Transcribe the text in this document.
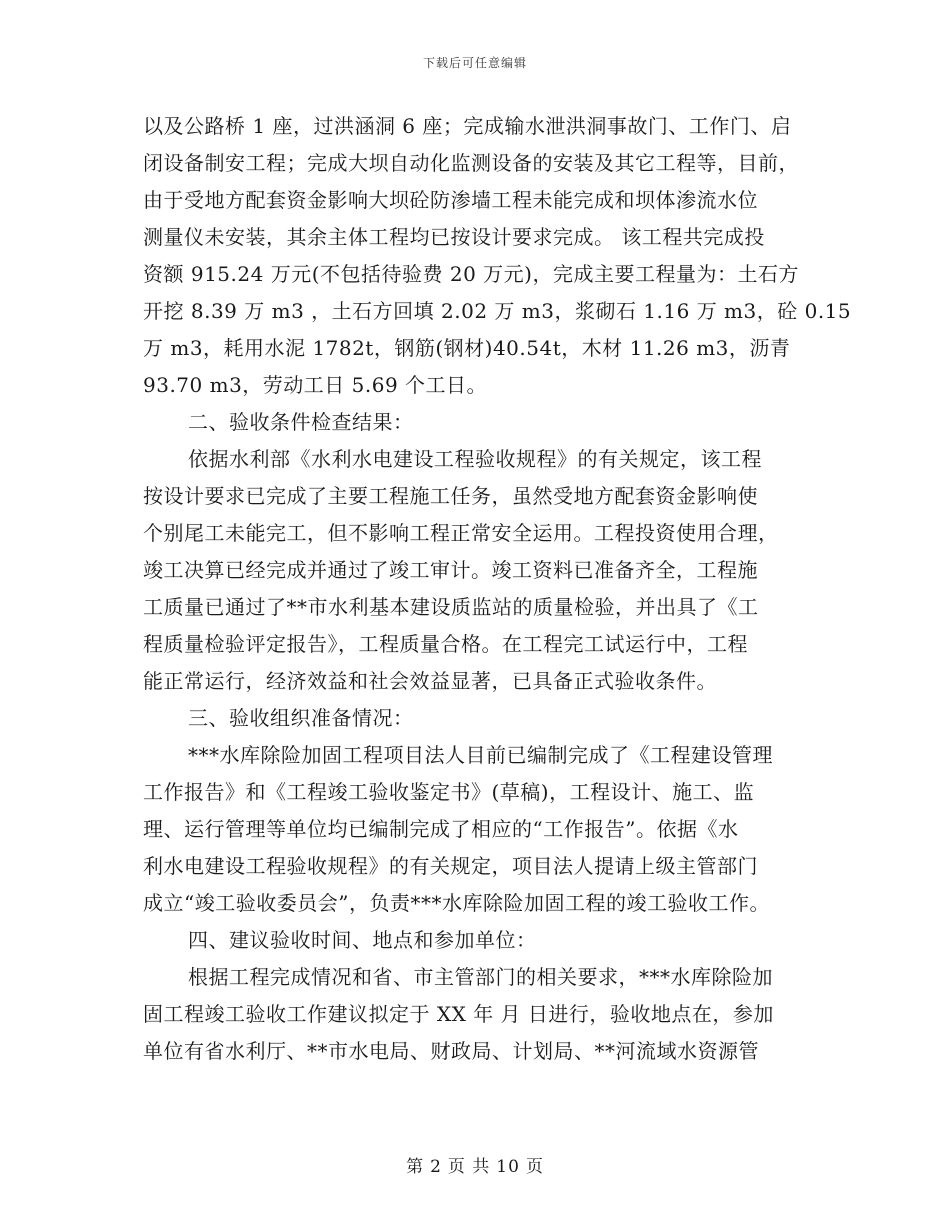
下载后可任意编辑
以及公路桥 1 座，过洪涵洞 6 座；完成输水泄洪洞事故门、工作门、启
闭设备制安工程；完成大坝自动化监测设备的安装及其它工程等，目前，
由于受地方配套资金影响大坝砼防渗墙工程未能完成和坝体渗流水位
测量仪未安装，其余主体工程均已按设计要求完成。 该工程共完成投
资额 915.24 万元(不包括待验费 20 万元)，完成主要工程量为：土石方
开挖 8.39 万 m3 ，土石方回填 2.02 万 m3，浆砌石 1.16 万 m3，砼 0.15
万 m3，耗用水泥 1782t，钢筋(钢材)40.54t，木材 11.26 m3，沥青
93.70 m3，劳动工日 5.69 个工日。
二、验收条件检查结果：
依据水利部《水利水电建设工程验收规程》的有关规定，该工程
按设计要求已完成了主要工程施工任务，虽然受地方配套资金影响使
个别尾工未能完工，但不影响工程正常安全运用。工程投资使用合理，
竣工决算已经完成并通过了竣工审计。竣工资料已准备齐全，工程施
工质量已通过了**市水利基本建设质监站的质量检验，并出具了《工
程质量检验评定报告》，工程质量合格。在工程完工试运行中，工程
能正常运行，经济效益和社会效益显著，已具备正式验收条件。
三、验收组织准备情况：
***水库除险加固工程项目法人目前已编制完成了《工程建设管理
工作报告》和《工程竣工验收鉴定书》(草稿)，工程设计、施工、监
理、运行管理等单位均已编制完成了相应的“工作报告”。依据《水
利水电建设工程验收规程》的有关规定，项目法人提请上级主管部门
成立“竣工验收委员会”，负责***水库除险加固工程的竣工验收工作。
四、建议验收时间、地点和参加单位：
根据工程完成情况和省、市主管部门的相关要求，***水库除险加
固工程竣工验收工作建议拟定于 XX 年 月 日进行，验收地点在，参加
单位有省水利厅、**市水电局、财政局、计划局、**河流域水资源管
第 2 页 共 10 页
